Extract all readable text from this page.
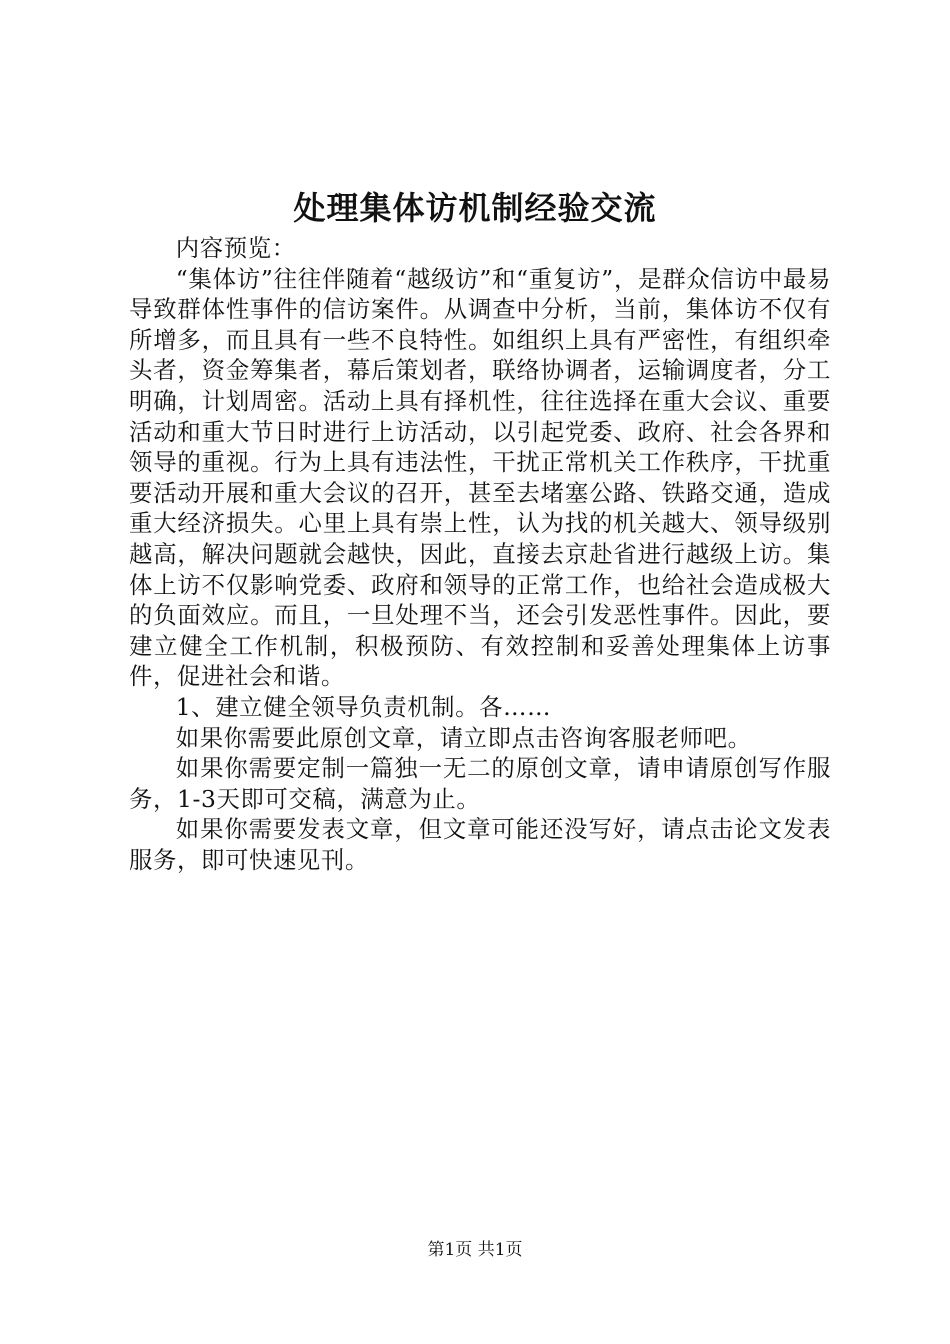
处理集体访机制经验交流

内容预览：

“集体访”往往伴随着“越级访”和“重复访”，是群众信访中最易导致群体性事件的信访案件。从调查中分析，当前，集体访不仅有所增多，而且具有一些不良特性。如组织上具有严密性，有组织牵头者，资金筹集者，幕后策划者，联络协调者，运输调度者，分工明确，计划周密。活动上具有择机性，往往选择在重大会议、重要活动和重大节日时进行上访活动，以引起党委、政府、社会各界和领导的重视。行为上具有违法性，干扰正常机关工作秩序，干扰重要活动开展和重大会议的召开，甚至去堵塞公路、铁路交通，造成重大经济损失。心里上具有崇上性，认为找的机关越大、领导级别越高，解决问题就会越快，因此，直接去京赴省进行越级上访。集体上访不仅影响党委、政府和领导的正常工作，也给社会造成极大的负面效应。而且，一旦处理不当，还会引发恶性事件。因此，要建立健全工作机制，积极预防、有效控制和妥善处理集体上访事件，促进社会和谐。

1、建立健全领导负责机制。各……

如果你需要此原创文章，请立即点击咨询客服老师吧。

如果你需要定制一篇独一无二的原创文章，请申请原创写作服务，1-3天即可交稿，满意为止。

如果你需要发表文章，但文章可能还没写好，请点击论文发表服务，即可快速见刊。

第1页 共1页
